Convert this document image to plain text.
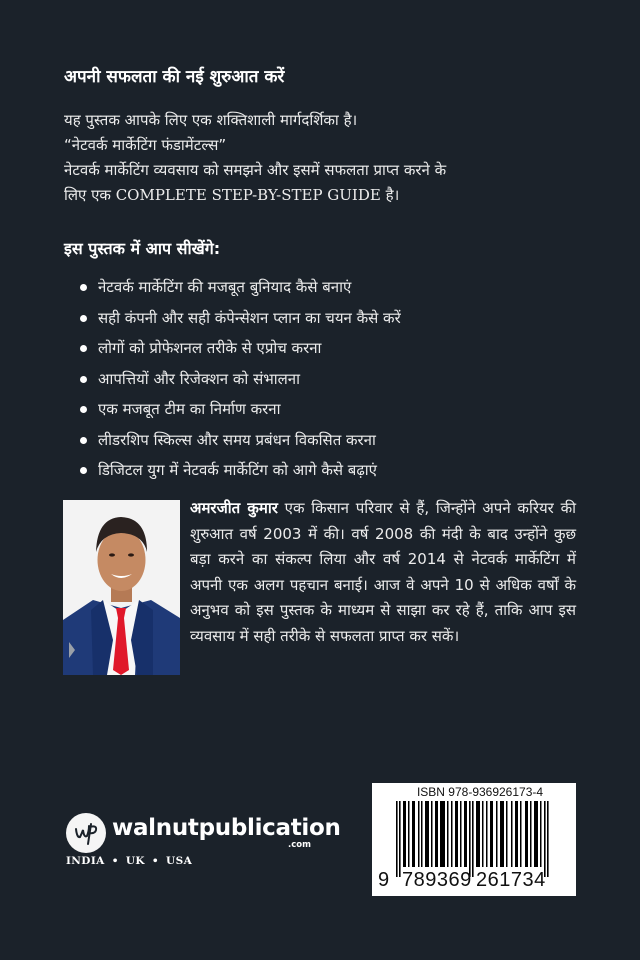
अपनी सफलता की नई शुरुआत करें
यह पुस्तक आपके लिए एक शक्तिशाली मार्गदर्शिका है।
“नेटवर्क मार्केटिंग फंडामेंटल्स”
नेटवर्क मार्केटिंग व्यवसाय को समझने और इसमें सफलता प्राप्त करने के
लिए एक COMPLETE STEP-BY-STEP GUIDE है।
इस पुस्तक में आप सीखेंगे:
नेटवर्क मार्केटिंग की मजबूत बुनियाद कैसे बनाएं
सही कंपनी और सही कंपेन्सेशन प्लान का चयन कैसे करें
लोगों को प्रोफेशनल तरीके से एप्रोच करना
आपत्तियों और रिजेक्शन को संभालना
एक मजबूत टीम का निर्माण करना
लीडरशिप स्किल्स और समय प्रबंधन विकसित करना
डिजिटल युग में नेटवर्क मार्केटिंग को आगे कैसे बढ़ाएं
अमरजीत कुमार एक किसान परिवार से हैं, जिन्होंने अपने करियर की शुरुआत वर्ष 2003 में की। वर्ष 2008 की मंदी के बाद उन्होंने कुछ बड़ा करने का संकल्प लिया और वर्ष 2014 से नेटवर्क मार्केटिंग में अपनी एक अलग पहचान बनाई। आज वे अपने 10 से अधिक वर्षों के अनुभव को इस पुस्तक के माध्यम से साझा कर रहे हैं, ताकि आप इस व्यवसाय में सही तरीके से सफलता प्राप्त कर सकें।
walnutpublication
.com
INDIA • UK • USA
ISBN 978-936926173-4
9 789369 261734
